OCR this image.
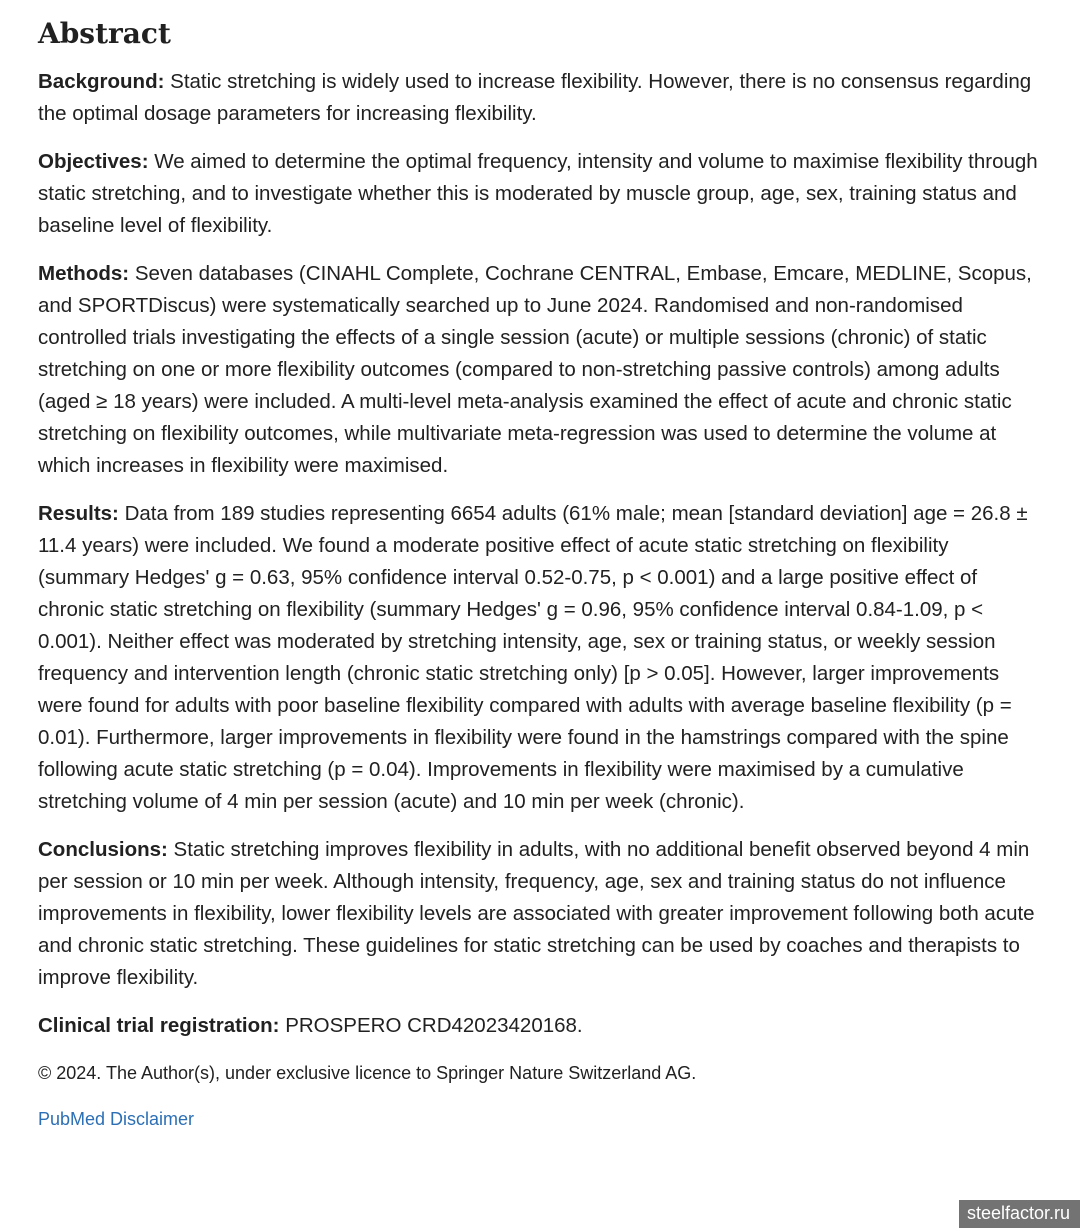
Abstract

Background: Static stretching is widely used to increase flexibility. However, there is no consensus regarding the optimal dosage parameters for increasing flexibility.

Objectives: We aimed to determine the optimal frequency, intensity and volume to maximise flexibility through static stretching, and to investigate whether this is moderated by muscle group, age, sex, training status and baseline level of flexibility.

Methods: Seven databases (CINAHL Complete, Cochrane CENTRAL, Embase, Emcare, MEDLINE, Scopus, and SPORTDiscus) were systematically searched up to June 2024. Randomised and non-randomised controlled trials investigating the effects of a single session (acute) or multiple sessions (chronic) of static stretching on one or more flexibility outcomes (compared to non-stretching passive controls) among adults (aged ≥ 18 years) were included. A multi-level meta-analysis examined the effect of acute and chronic static stretching on flexibility outcomes, while multivariate meta-regression was used to determine the volume at which increases in flexibility were maximised.

Results: Data from 189 studies representing 6654 adults (61% male; mean [standard deviation] age = 26.8 ± 11.4 years) were included. We found a moderate positive effect of acute static stretching on flexibility (summary Hedges' g = 0.63, 95% confidence interval 0.52-0.75, p < 0.001) and a large positive effect of chronic static stretching on flexibility (summary Hedges' g = 0.96, 95% confidence interval 0.84-1.09, p < 0.001). Neither effect was moderated by stretching intensity, age, sex or training status, or weekly session frequency and intervention length (chronic static stretching only) [p > 0.05]. However, larger improvements were found for adults with poor baseline flexibility compared with adults with average baseline flexibility (p = 0.01). Furthermore, larger improvements in flexibility were found in the hamstrings compared with the spine following acute static stretching (p = 0.04). Improvements in flexibility were maximised by a cumulative stretching volume of 4 min per session (acute) and 10 min per week (chronic).

Conclusions: Static stretching improves flexibility in adults, with no additional benefit observed beyond 4 min per session or 10 min per week. Although intensity, frequency, age, sex and training status do not influence improvements in flexibility, lower flexibility levels are associated with greater improvement following both acute and chronic static stretching. These guidelines for static stretching can be used by coaches and therapists to improve flexibility.

Clinical trial registration: PROSPERO CRD42023420168.

© 2024. The Author(s), under exclusive licence to Springer Nature Switzerland AG.

PubMed Disclaimer
steelfactor.ru
